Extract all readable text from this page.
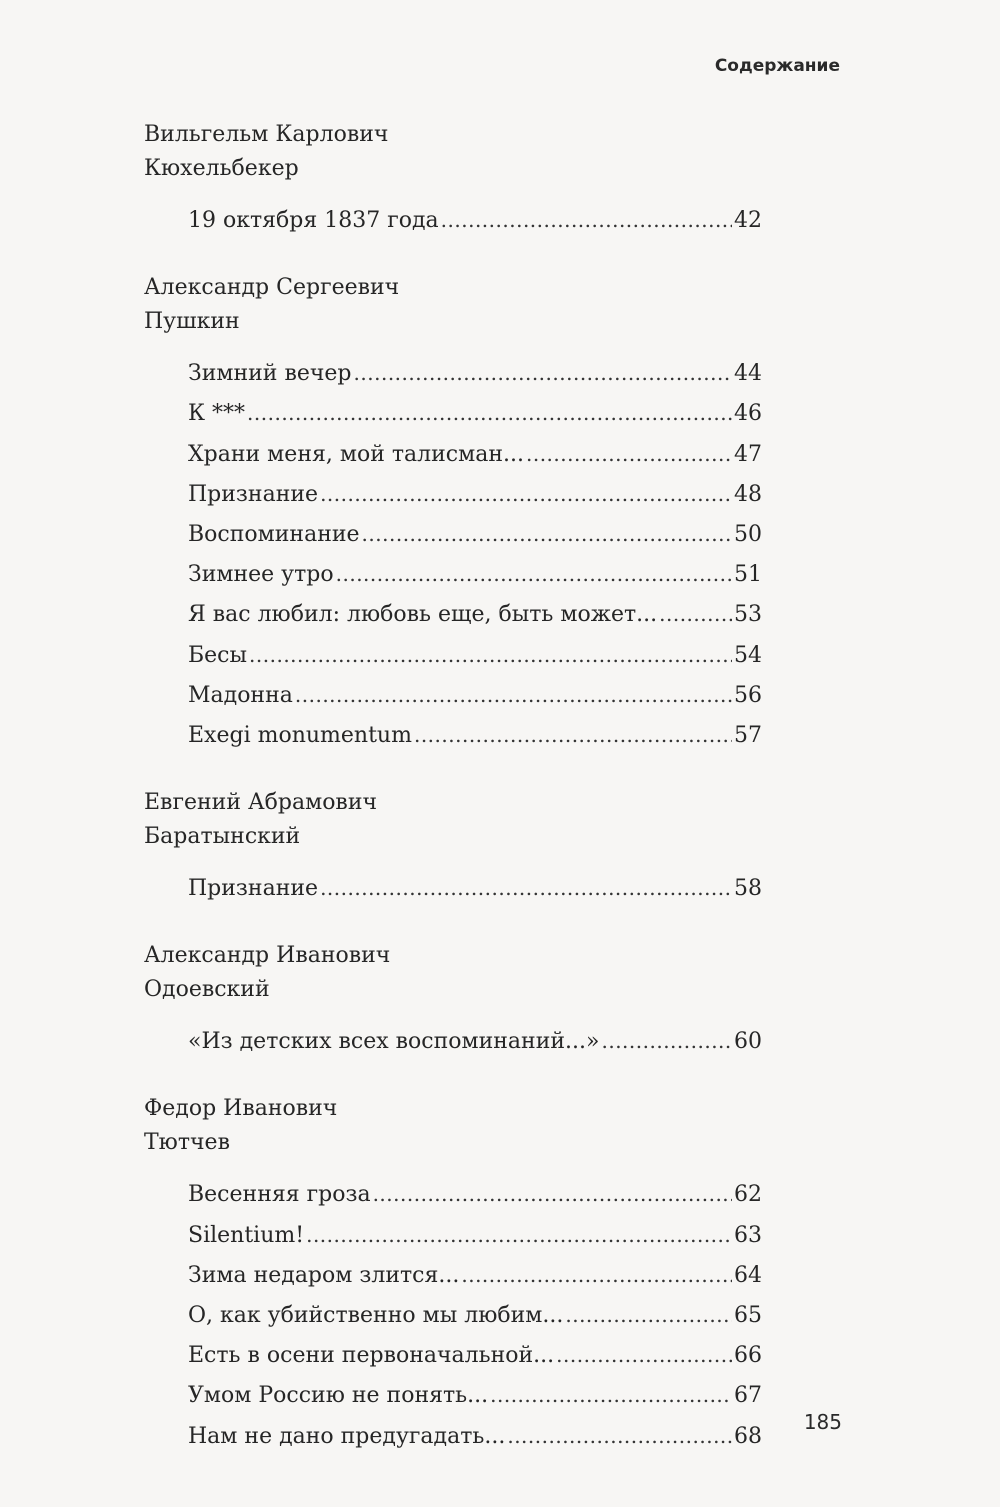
Содержание
Вильгельм Карлович
Кюхельбекер
19 октября 1837 года .....	42
Александр Сергеевич
Пушкин
Зимний вечер .....	44
К *** .....	46
Храни меня, мой талисман... .....	47
Признание .....	48
Воспоминание .....	50
Зимнее утро .....	51
Я вас любил: любовь еще, быть может... .....	53
Бесы .....	54
Мадонна .....	56
Exegi monumentum .....	57
Евгений Абрамович
Баратынский
Признание .....	58
Александр Иванович
Одоевский
«Из детских всех воспоминаний...» .....	60
Федор Иванович
Тютчев
Весенняя гроза .....	62
Silentium! .....	63
Зима недаром злится... .....	64
О, как убийственно мы любим... .....	65
Есть в осени первоначальной... .....	66
Умом Россию не понять... .....	67
Нам не дано предугадать... .....	68
185
